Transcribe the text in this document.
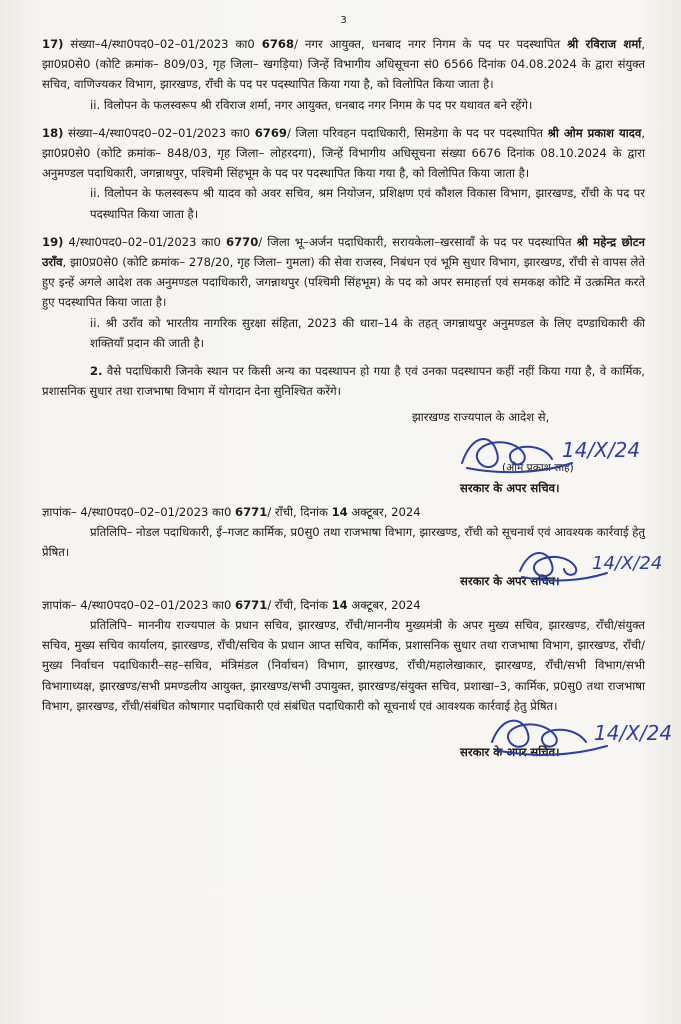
3

17) संख्या–4/स्था0पद0–02–01/2023 का0 6768/ नगर आयुक्त, धनबाद नगर निगम के पद पर पदस्थापित श्री रविराज शर्मा, झा0प्र0से0 (कोटि क्रमांक– 809/03, गृह जिला– खगड़िया) जिन्हें विभागीय अधिसूचना सं0 6566 दिनांक 04.08.2024 के द्वारा संयुक्त सचिव, वाणिज्यकर विभाग, झारखण्ड, राँची के पद पर पदस्थापित किया गया है, को विलोपित किया जाता है।

ii. विलोपन के फलस्वरूप श्री रविराज शर्मा, नगर आयुक्त, धनबाद नगर निगम के पद पर यथावत बने रहेंगे।

18) संख्या–4/स्था0पद0–02–01/2023 का0 6769/ जिला परिवहन पदाधिकारी, सिमडेगा के पद पर पदस्थापित श्री ओम प्रकाश यादव, झा0प्र0से0 (कोटि क्रमांक– 848/03, गृह जिला– लोहरदगा), जिन्हें विभागीय अधिसूचना संख्या 6676 दिनांक 08.10.2024 के द्वारा अनुमण्डल पदाधिकारी, जगन्नाथपुर, पश्चिमी सिंहभूम के पद पर पदस्थापित किया गया है, को विलोपित किया जाता है।

ii. विलोपन के फलस्वरूप श्री यादव को अवर सचिव, श्रम नियोजन, प्रशिक्षण एवं कौशल विकास विभाग, झारखण्ड, राँची के पद पर पदस्थापित किया जाता है।

19) 4/स्था0पद0–02–01/2023 का0 6770/ जिला भू–अर्जन पदाधिकारी, सरायकेला–खरसावाँ के पद पर पदस्थापित श्री महेन्द्र छोटन उराँव, झा0प्र0से0 (कोटि क्रमांक– 278/20, गृह जिला– गुमला) की सेवा राजस्व, निबंधन एवं भूमि सुधार विभाग, झारखण्ड, राँची से वापस लेते हुए इन्हें अगले आदेश तक अनुमण्डल पदाधिकारी, जगन्नाथपुर (पश्चिमी सिंहभूम) के पद को अपर समाहर्त्ता एवं समकक्ष कोटि में उत्क्रमित करते हुए पदस्थापित किया जाता है।

ii. श्री उराँव को भारतीय नागरिक सुरक्षा संहिता, 2023 की धारा–14 के तहत् जगन्नाथपुर अनुमण्डल के लिए दण्डाधिकारी की शक्तियाँ प्रदान की जाती है।

2. वैसे पदाधिकारी जिनके स्थान पर किसी अन्य का पदस्थापन हो गया है एवं उनका पदस्थापन कहीं नहीं किया गया है, वे कार्मिक, प्रशासनिक सुधार तथा राजभाषा विभाग में योगदान देना सुनिश्चित करेंगे।

झारखण्ड राज्यपाल के आदेश से,

14/X/24

(ओम प्रकाश साह)

सरकार के अपर सचिव।

ज्ञापांक– 4/स्था0पद0–02–01/2023 का0 6771/ राँची, दिनांक 14 अक्टूबर, 2024

प्रतिलिपि– नोडल पदाधिकारी, ई–गजट कार्मिक, प्र0सु0 तथा राजभाषा विभाग, झारखण्ड, राँची को सूचनार्थ एवं आवश्यक कार्रवाई हेतु प्रेषित।

14/X/24

सरकार के अपर सचिव।

ज्ञापांक– 4/स्था0पद0–02–01/2023 का0 6771/ राँची, दिनांक 14 अक्टूबर, 2024

प्रतिलिपि– माननीय राज्यपाल के प्रधान सचिव, झारखण्ड, राँची/माननीय मुख्यमंत्री के अपर मुख्य सचिव, झारखण्ड, राँची/संयुक्त सचिव, मुख्य सचिव कार्यालय, झारखण्ड, राँची/सचिव के प्रधान आप्त सचिव, कार्मिक, प्रशासनिक सुधार तथा राजभाषा विभाग, झारखण्ड, राँची/मुख्य निर्वाचन पदाधिकारी–सह–सचिव, मंत्रिमंडल (निर्वाचन) विभाग, झारखण्ड, राँची/महालेखाकार, झारखण्ड, राँची/सभी विभाग/सभी विभागाध्यक्ष, झारखण्ड/सभी प्रमण्डलीय आयुक्त, झारखण्ड/सभी उपायुक्त, झारखण्ड/संयुक्त सचिव, प्रशाखा–3, कार्मिक, प्र0सु0 तथा राजभाषा विभाग, झारखण्ड, राँची/संबंधित कोषागार पदाधिकारी एवं संबंधित पदाधिकारी को सूचनार्थ एवं आवश्यक कार्रवाई हेतु प्रेषित।

14/X/24

सरकार के अपर सचिव।
